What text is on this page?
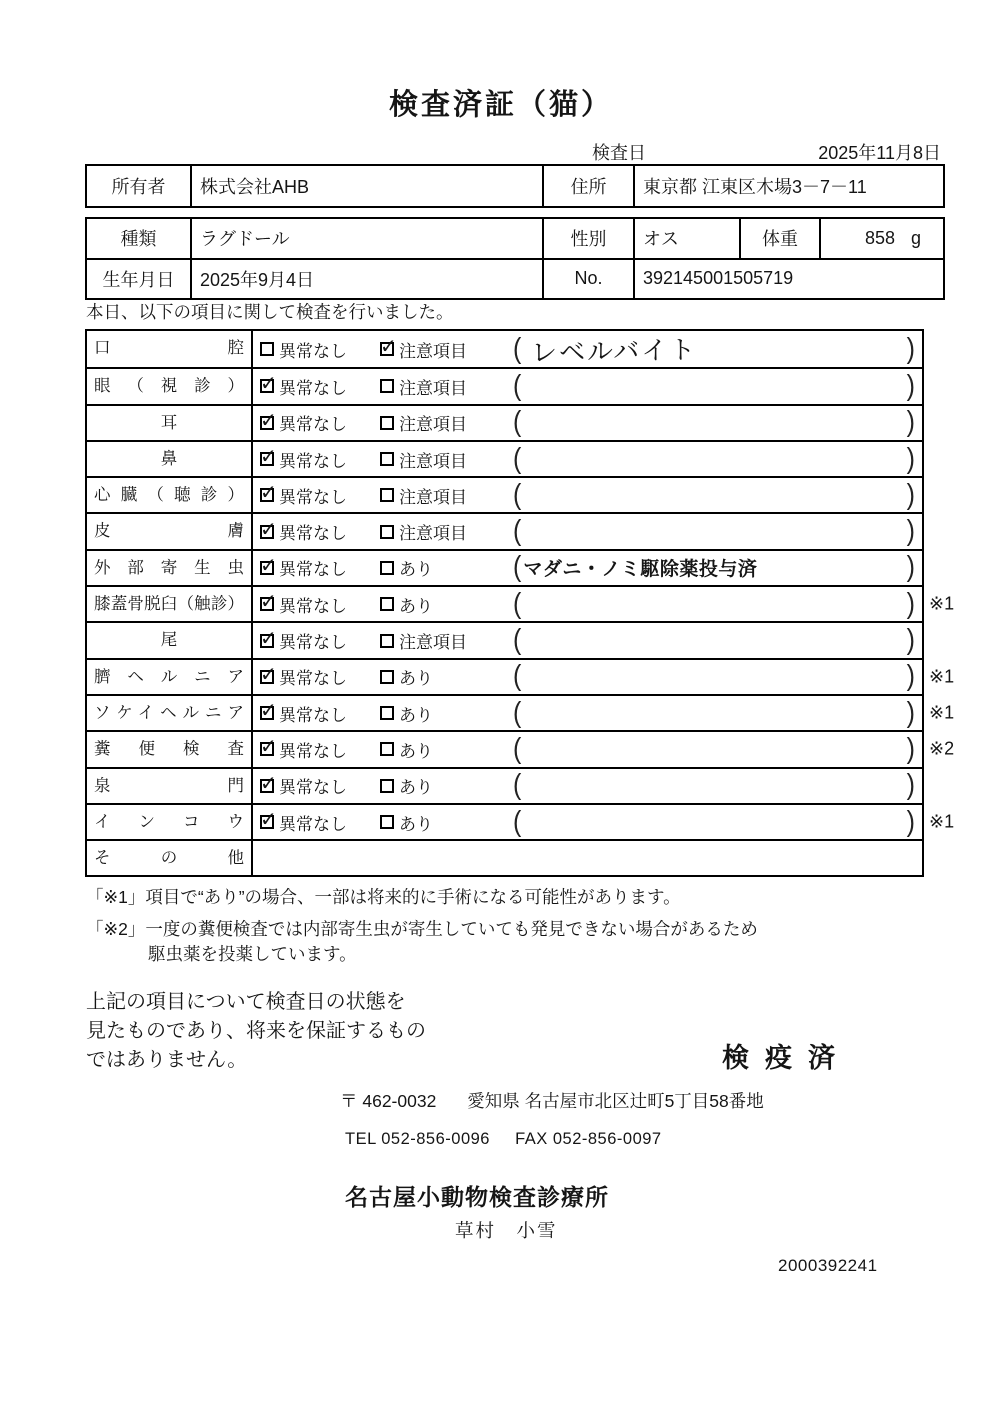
検査済証（猫）
検査日	2025年11月8日
所有者	株式会社AHB	住所	東京都 江東区木場3－7－11
種類	ラグドール	性別	オス	体重	858 g
生年月日	2025年9月4日	No.	392145001505719
本日、以下の項目に関して検査を行いました。
口腔	異常なし ✓	注意項目 ( レベルバイト	)
眼（視診） ✓	異常なし	注意項目 (	)
耳 ✓	異常なし	注意項目 (	)
鼻 ✓	異常なし	注意項目 (	)
心臓（聴診） ✓	異常なし	注意項目 (	)
皮膚 ✓	異常なし	注意項目 (	)
外部寄生虫 ✓	異常なし	あり	( マダニ・ノミ駆除薬投与済	)
膝蓋骨脱臼（触診） ✓	異常なし	あり	(	) ※1
尾 ✓	異常なし	注意項目 (	)
臍ヘルニア ✓	異常なし	あり	(	) ※1
ソケイヘルニア ✓	異常なし	あり	(	) ※1
糞便検査 ✓	異常なし	あり	(	) ※2
泉門 ✓	異常なし	あり	(	)
インコウ ✓	異常なし	あり	(	) ※1
その他
「※1」項目で“あり”の場合、一部は将来的に手術になる可能性があります。
「※2」一度の糞便検査では内部寄生虫が寄生していても発見できない場合があるため
駆虫薬を投薬しています。
上記の項目について検査日の状態を
見たものであり、将来を保証するもの
ではありません。	検疫済
〒 462-0032 愛知県 名古屋市北区辻町5丁目58番地
TEL 052-856-0096 FAX 052-856-0097
名古屋小動物検査診療所
草村　小雪
2000392241
